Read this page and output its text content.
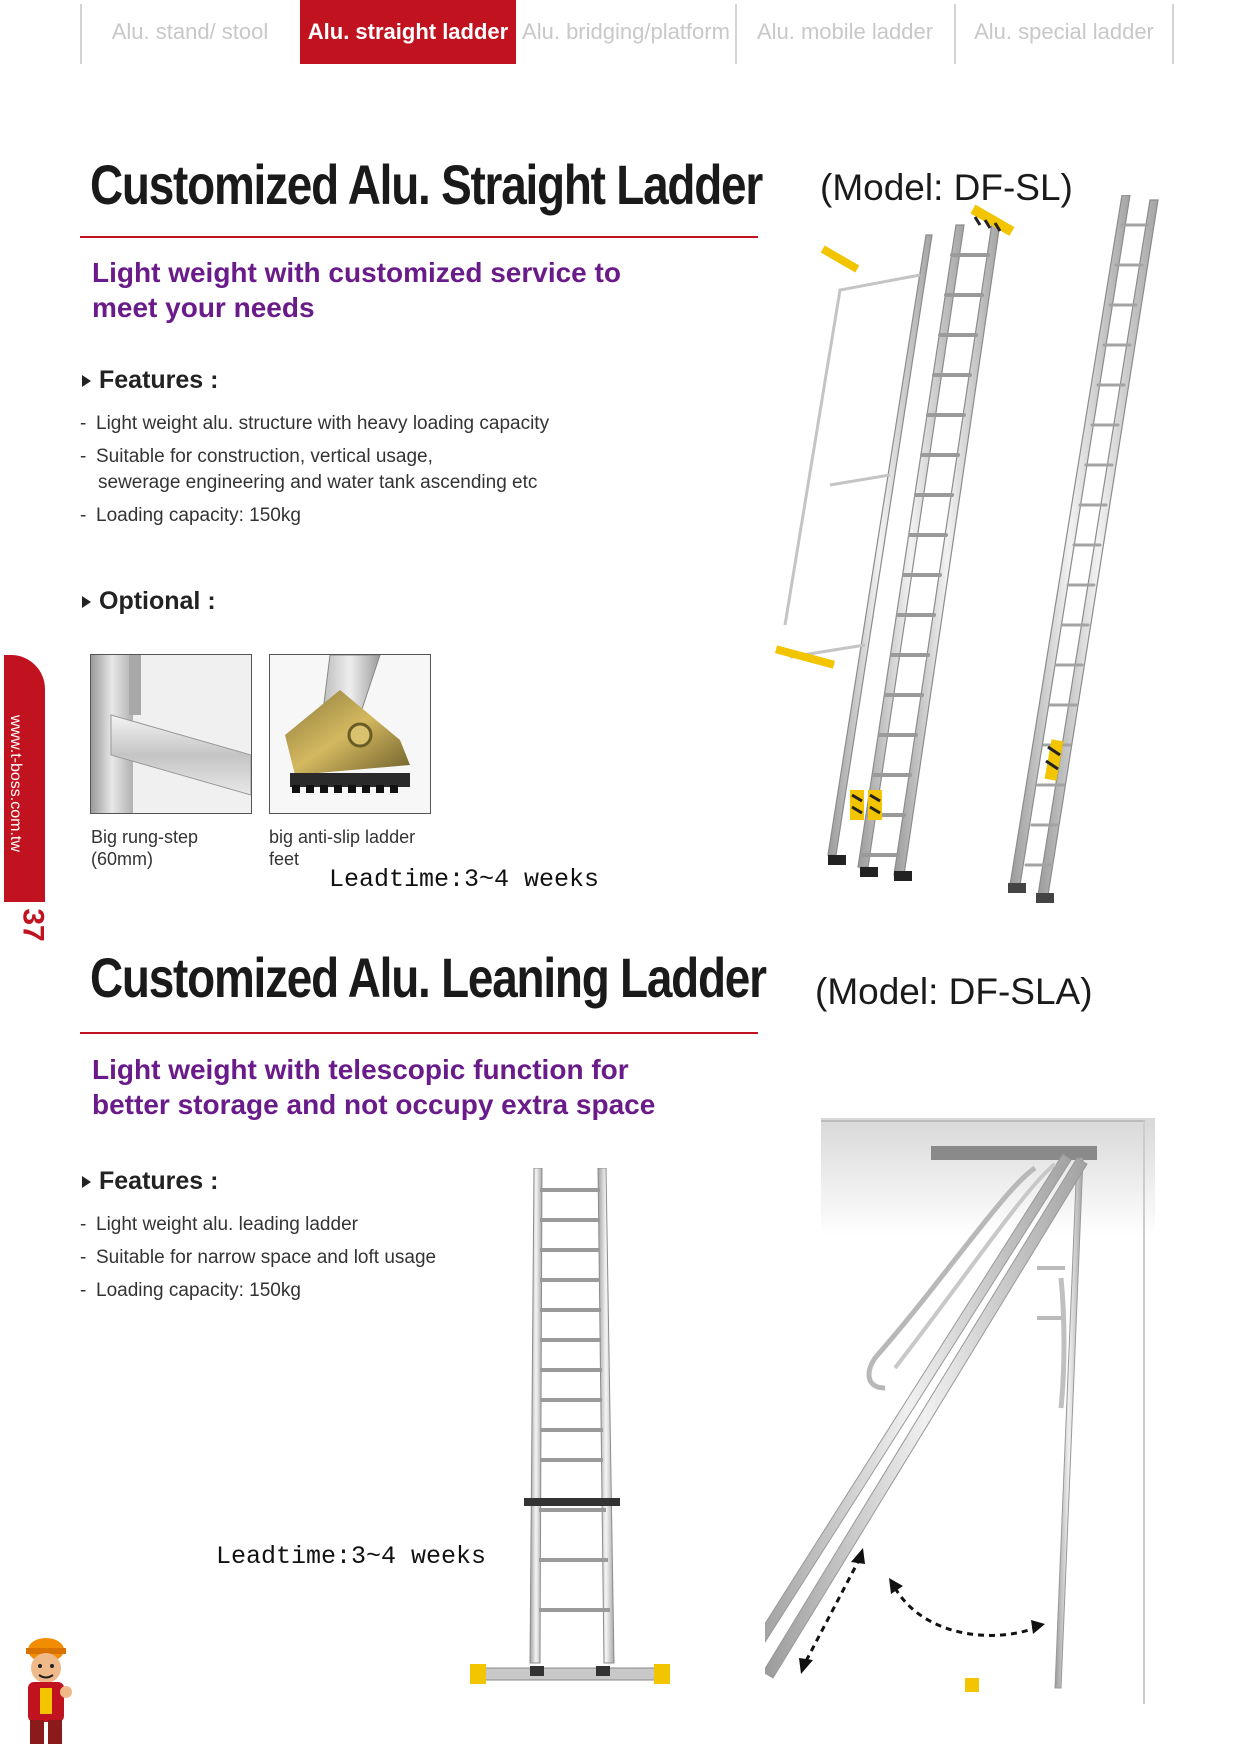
Alu. stand/ stool	Alu. straight ladder Alu. bridging/platform	Alu. mobile ladder	Alu. special ladder
www.t-boss.com.tw
37
Customized Alu. Straight Ladder (Model: DF-SL)
Light weight with customized service to
meet your needs
Features :
- Light weight alu. structure with heavy loading capacity
- Suitable for construction, vertical usage,
sewerage engineering and water tank ascending etc
- Loading capacity: 150kg
Optional :
Big rung-step
(60mm)
big anti-slip ladder
feet
Leadtime:3~4 weeks
Customized Alu. Leaning Ladder (Model: DF-SLA)
Light weight with telescopic function for
better storage and not occupy extra space
Features :
- Light weight alu. leading ladder
- Suitable for narrow space and loft usage
- Loading capacity: 150kg
Leadtime:3~4 weeks
